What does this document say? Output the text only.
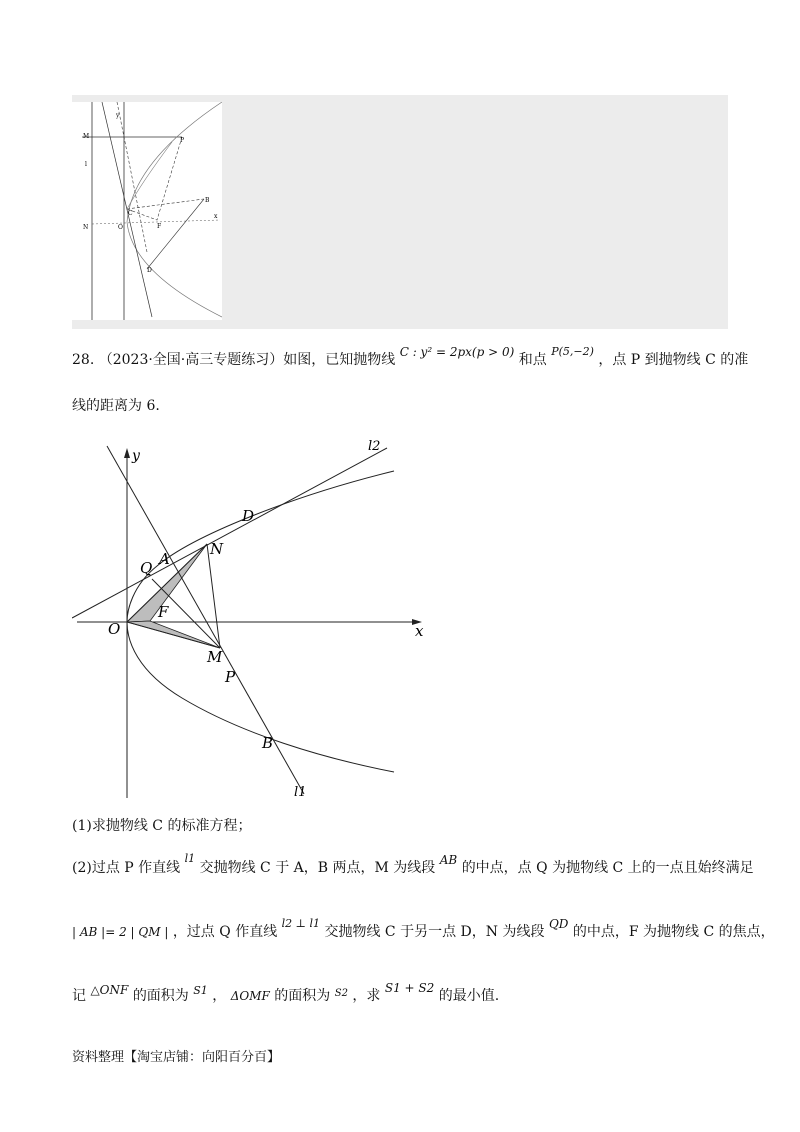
M
l
N
P
C
B
F
O
D
x
y
28. （2023·全国·高三专题练习）如图，已知抛物线 C : y² = 2px(p > 0) 和点 $^{P(5,-2)}$ ，点 P 到抛物线 C 的准
线的距离为 6.
y
x
O
Q A
N
F
M
P
D
B
l1
l2
(1)求抛物线 C 的标准方程；
(2)过点 P 作直线 $^{l1}$ 交抛物线 C 于 A，B 两点，M 为线段 AB 的中点，点 Q 为抛物线 C 上的一点且始终满足
| AB |= 2 | QM | ，过点 Q 作直线 $^{l2 \perp l1}$ 交抛物线 C 于另一点 D，N 为线段 QD 的中点，F 为抛物线 C 的焦点，
记 △ONF 的面积为 $^{S1}$ ， ΔOMF 的面积为 $^{S2}$ ，求 S1 + S2 的最小值.
资料整理【淘宝店铺：向阳百分百】
